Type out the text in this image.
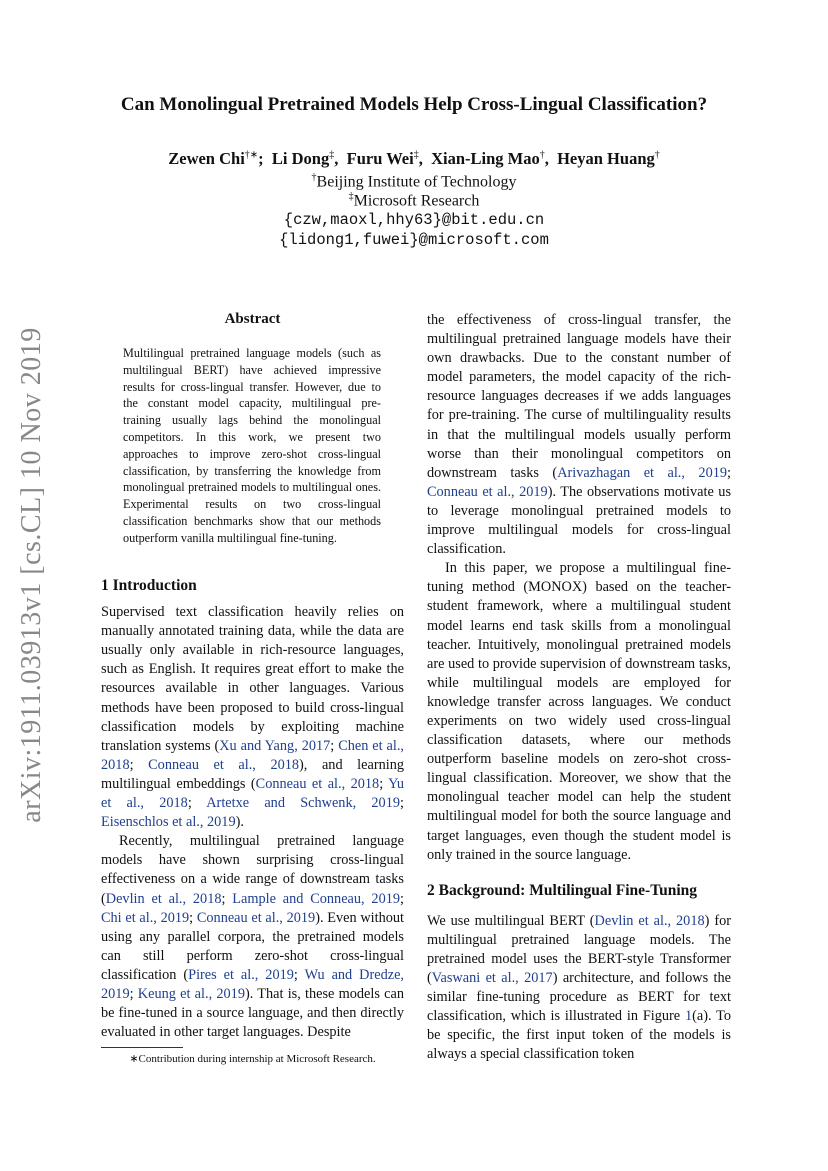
arXiv:1911.03913v1 [cs.CL] 10 Nov 2019
Can Monolingual Pretrained Models Help Cross-Lingual Classification?
Zewen Chi†∗;  Li Dong‡,  Furu Wei‡,  Xian-Ling Mao†,  Heyan Huang†
†Beijing Institute of Technology
‡Microsoft Research
{czw,maoxl,hhy63}@bit.edu.cn
{lidong1,fuwei}@microsoft.com
Abstract
Multilingual pretrained language models (such as multilingual BERT) have achieved impressive results for cross-lingual transfer. However, due to the constant model capacity, multilingual pre-training usually lags behind the monolingual competitors. In this work, we present two approaches to improve zero-shot cross-lingual classification, by transferring the knowledge from monolingual pretrained models to multilingual ones. Experimental results on two cross-lingual classification benchmarks show that our methods outperform vanilla multilingual fine-tuning.
1 Introduction

Supervised text classification heavily relies on manually annotated training data, while the data are usually only available in rich-resource languages, such as English. It requires great effort to make the resources available in other languages. Various methods have been proposed to build cross-lingual classification models by exploiting machine translation systems (Xu and Yang, 2017; Chen et al., 2018; Conneau et al., 2018), and learning multilingual embeddings (Conneau et al., 2018; Yu et al., 2018; Artetxe and Schwenk, 2019; Eisenschlos et al., 2019).

Recently, multilingual pretrained language models have shown surprising cross-lingual effectiveness on a wide range of downstream tasks (Devlin et al., 2018; Lample and Conneau, 2019; Chi et al., 2019; Conneau et al., 2019). Even without using any parallel corpora, the pretrained models can still perform zero-shot cross-lingual classification (Pires et al., 2019; Wu and Dredze, 2019; Keung et al., 2019). That is, these models can be fine-tuned in a source language, and then directly evaluated in other target languages. Despite

∗Contribution during internship at Microsoft Research.

the effectiveness of cross-lingual transfer, the multilingual pretrained language models have their own drawbacks. Due to the constant number of model parameters, the model capacity of the rich-resource languages decreases if we adds languages for pre-training. The curse of multilinguality results in that the multilingual models usually perform worse than their monolingual competitors on downstream tasks (Arivazhagan et al., 2019; Conneau et al., 2019). The observations motivate us to leverage monolingual pretrained models to improve multilingual models for cross-lingual classification.

In this paper, we propose a multilingual fine-tuning method (MONOX) based on the teacher-student framework, where a multilingual student model learns end task skills from a monolingual teacher. Intuitively, monolingual pretrained models are used to provide supervision of downstream tasks, while multilingual models are employed for knowledge transfer across languages. We conduct experiments on two widely used cross-lingual classification datasets, where our methods outperform baseline models on zero-shot cross-lingual classification. Moreover, we show that the monolingual teacher model can help the student multilingual model for both the source language and target languages, even though the student model is only trained in the source language.

2 Background: Multilingual Fine-Tuning

We use multilingual BERT (Devlin et al., 2018) for multilingual pretrained language models. The pretrained model uses the BERT-style Transformer (Vaswani et al., 2017) architecture, and follows the similar fine-tuning procedure as BERT for text classification, which is illustrated in Figure 1(a). To be specific, the first input token of the models is always a special classification token
